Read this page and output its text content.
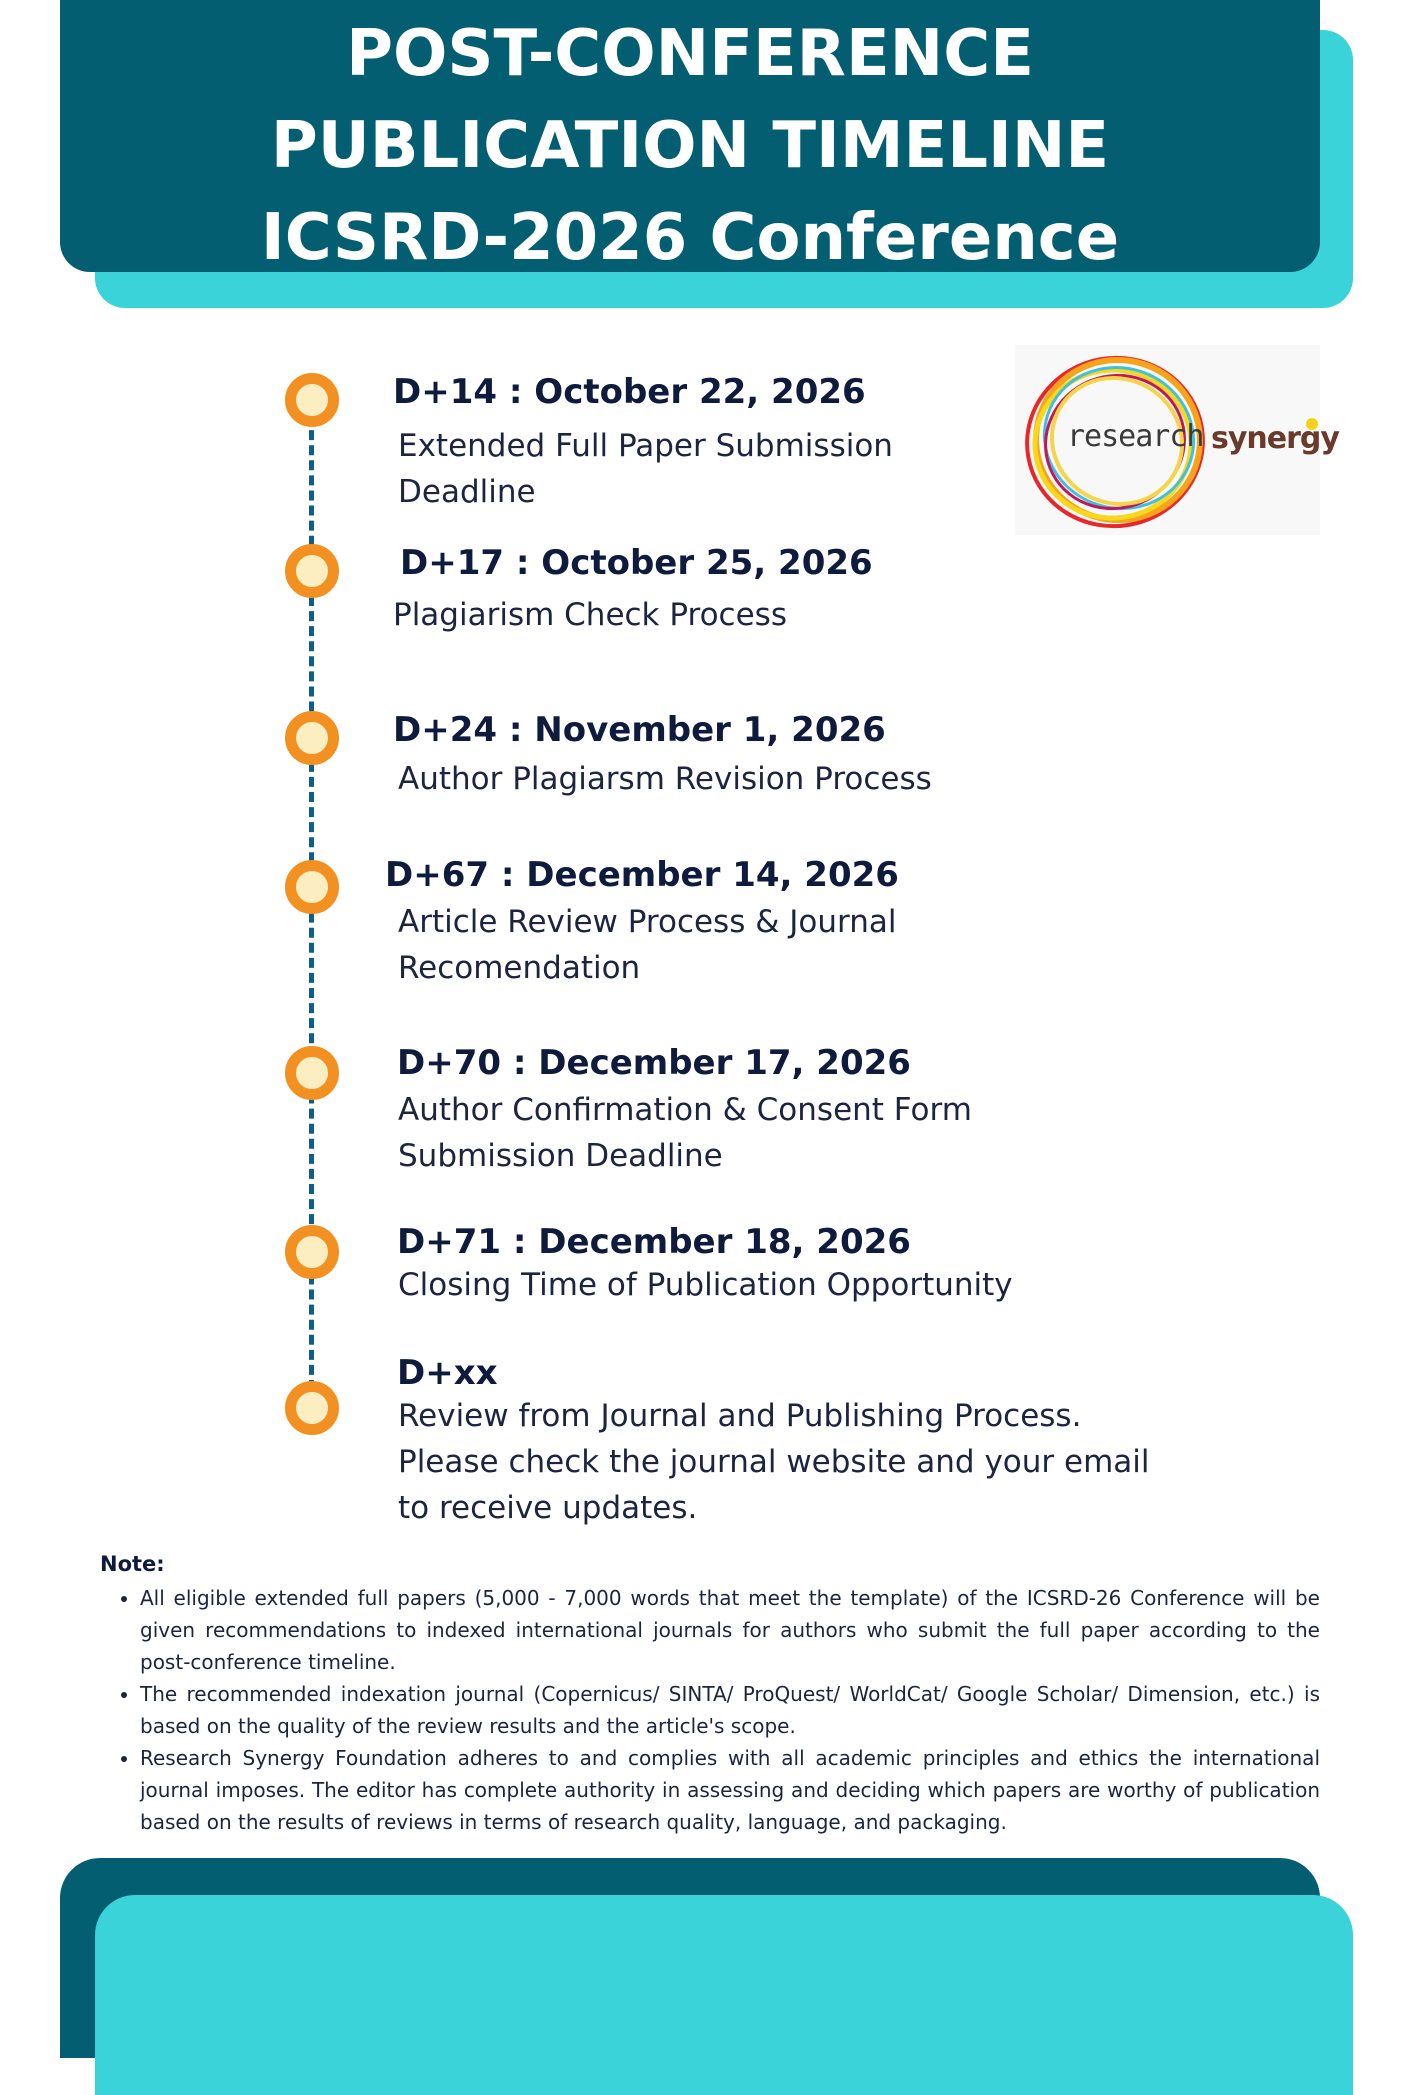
POST-CONFERENCE
PUBLICATION TIMELINE
ICSRD-2026 Conference
research synergy
D+14 : October 22, 2026
Extended Full Paper Submission Deadline
D+17 : October 25, 2026
Plagiarism Check Process
D+24 : November 1, 2026
Author Plagiarsm Revision Process
D+67 : December 14, 2026
Article Review Process & Journal Recomendation
D+70 : December 17, 2026
Author Confirmation & Consent Form Submission Deadline
D+71 : December 18, 2026
Closing Time of Publication Opportunity
D+xx
Review from Journal and Publishing Process. Please check the journal website and your email to receive updates.
Note:
• All eligible extended full papers (5,000 - 7,000 words that meet the template) of the ICSRD-26 Conference will be given recommendations to indexed international journals for authors who submit the full paper according to the post-conference timeline.
• The recommended indexation journal (Copernicus/ SINTA/ ProQuest/ WorldCat/ Google Scholar/ Dimension, etc.) is based on the quality of the review results and the article's scope.
• Research Synergy Foundation adheres to and complies with all academic principles and ethics the international journal imposes. The editor has complete authority in assessing and deciding which papers are worthy of publication based on the results of reviews in terms of research quality, language, and packaging.
